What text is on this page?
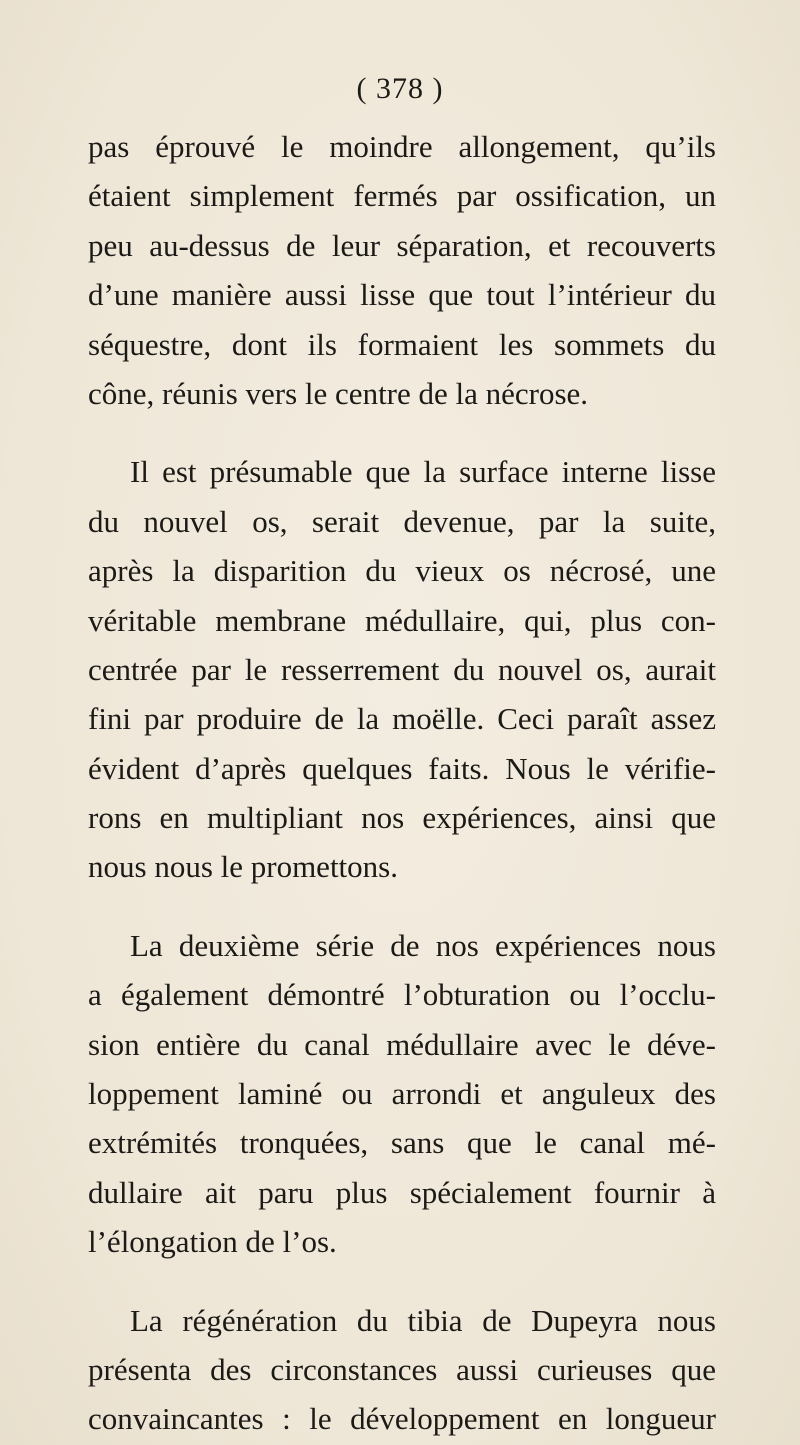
( 378 )
pas éprouvé le moindre allongement, qu’ils
étaient simplement fermés par ossification, un
peu au-dessus de leur séparation, et recouverts
d’une manière aussi lisse que tout l’intérieur du
séquestre, dont ils formaient les sommets du
cône, réunis vers le centre de la nécrose.
Il est présumable que la surface interne lisse
du nouvel os, serait devenue, par la suite,
après la disparition du vieux os nécrosé, une
véritable membrane médullaire, qui, plus con-
centrée par le resserrement du nouvel os, aurait
fini par produire de la moëlle. Ceci paraît assez
évident d’après quelques faits. Nous le vérifie-
rons en multipliant nos expériences, ainsi que
nous nous le promettons.
La deuxième série de nos expériences nous
a également démontré l’obturation ou l’occlu-
sion entière du canal médullaire avec le déve-
loppement laminé ou arrondi et anguleux des
extrémités tronquées, sans que le canal mé-
dullaire ait paru plus spécialement fournir à
l’élongation de l’os.
La régénération du tibia de Dupeyra nous
présenta des circonstances aussi curieuses que
convaincantes : le développement en longueur
